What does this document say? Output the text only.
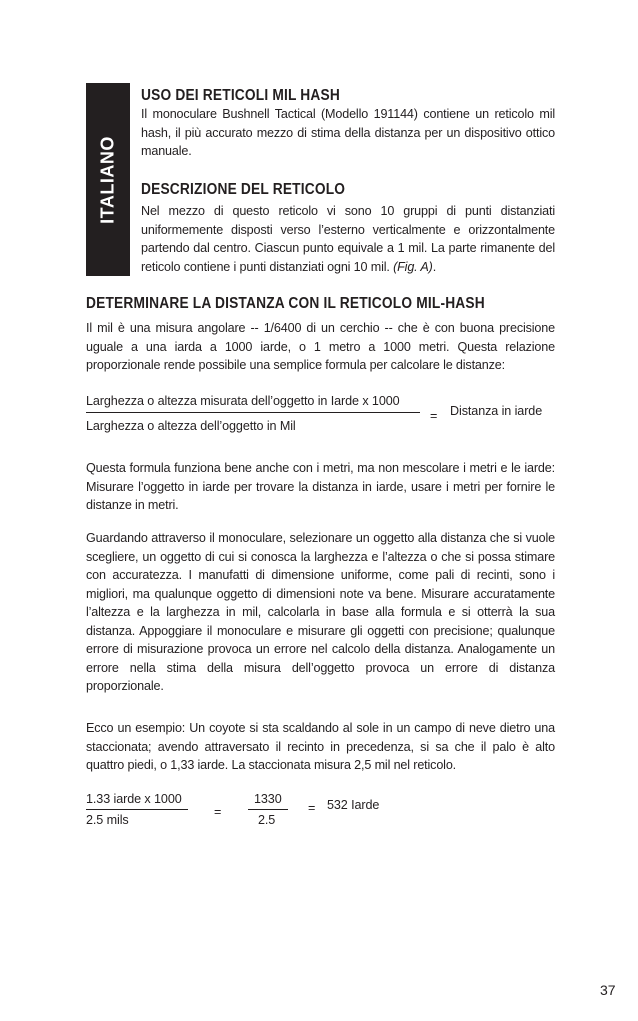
ITALIANO
USO DEI RETICOLI MIL HASH

Il monoculare Bushnell Tactical (Modello 191144) contiene un reticolo mil hash, il più accurato mezzo di stima della distanza per un dispositivo ottico manuale.

DESCRIZIONE DEL RETICOLO

Nel mezzo di questo reticolo vi sono 10 gruppi di punti distanziati uniformemente disposti verso l’esterno verticalmente e orizzontalmente partendo dal centro. Ciascun punto equivale a 1 mil. La parte rimanente del reticolo contiene i punti distanziati ogni 10 mil. (Fig. A).

DETERMINARE LA DISTANZA CON IL RETICOLO MIL-HASH

Il mil è una misura angolare -- 1/6400 di un cerchio -- che è con buona precisione uguale a una iarda a 1000 iarde, o 1 metro a 1000 metri. Questa relazione proporzionale rende possibile una semplice formula per calcolare le distanze:

Larghezza o altezza misurata dell’oggetto in Iarde x 1000
Larghezza o altezza dell’oggetto in Mil
= Distanza in iarde

Questa formula funziona bene anche con i metri, ma non mescolare i metri e le iarde: Misurare l’oggetto in iarde per trovare la distanza in iarde, usare i metri per fornire le distanze in metri.

Guardando attraverso il monoculare, selezionare un oggetto alla distanza che si vuole scegliere, un oggetto di cui si conosca la larghezza e l’altezza o che si possa stimare con accuratezza. I manufatti di dimensione uniforme, come pali di recinti, sono i migliori, ma qualunque oggetto di dimensioni note va bene. Misurare accuratamente l’altezza e la larghezza in mil, calcolarla in base alla formula e si otterrà la sua distanza. Appoggiare il monoculare e misurare gli oggetti con precisione; qualunque errore di misurazione provoca un errore nel calcolo della distanza. Analogamente un errore nella stima della misura dell’oggetto provoca un errore di distanza proporzionale.

Ecco un esempio: Un coyote si sta scaldando al sole in un campo di neve dietro una staccionata; avendo attraversato il recinto in precedenza, si sa che il palo è alto quattro piedi, o 1,33 iarde. La staccionata misura 2,5 mil nel reticolo.

1.33 iarde x 1000
2.5 mils
=
1330
2.5
= 532 Iarde
37
